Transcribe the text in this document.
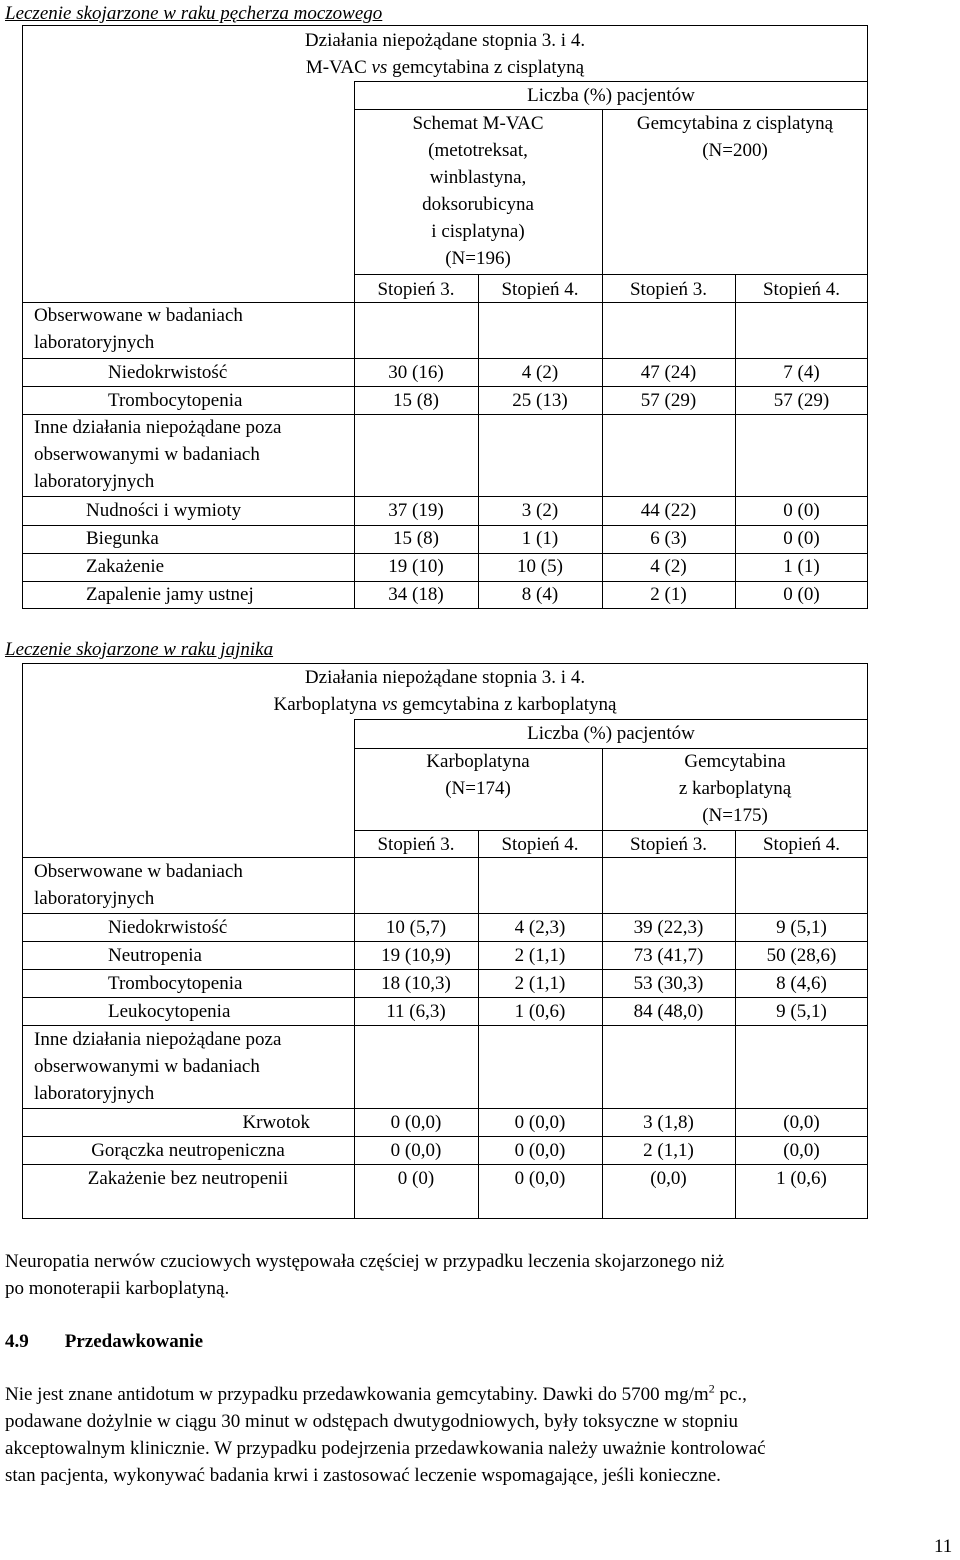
Leczenie skojarzone w raku pęcherza moczowego
Działania niepożądane stopnia 3. i 4.
M-VAC vs gemcytabina z cisplatyną
Liczba (%) pacjentów
Schemat M-VAC
(metotreksat,
winblastyna,
doksorubicyna
i cisplatyna)
(N=196)
Gemcytabina z cisplatyną
(N=200)
Stopień 3.	Stopień 4.	Stopień 3.	Stopień 4.
Obserwowane w badaniach
laboratoryjnych
Niedokrwistość	30 (16)	4 (2)	47 (24)	7 (4)
Trombocytopenia	15 (8)	25 (13)	57 (29)	57 (29)
Inne działania niepożądane poza
obserwowanymi w badaniach
laboratoryjnych
Nudności i wymioty	37 (19)	3 (2)	44 (22)	0 (0)
Biegunka	15 (8)	1 (1)	6 (3)	0 (0)
Zakażenie	19 (10)	10 (5)	4 (2)	1 (1)
Zapalenie jamy ustnej	34 (18)	8 (4)	2 (1)	0 (0)
Leczenie skojarzone w raku jajnika
Działania niepożądane stopnia 3. i 4.
Karboplatyna vs gemcytabina z karboplatyną
Liczba (%) pacjentów
Karboplatyna
(N=174)
Gemcytabina
z karboplatyną
(N=175)
Stopień 3.	Stopień 4.	Stopień 3.	Stopień 4.
Obserwowane w badaniach
laboratoryjnych
Niedokrwistość	10 (5,7)	4 (2,3)	39 (22,3)	9 (5,1)
Neutropenia	19 (10,9)	2 (1,1)	73 (41,7)	50 (28,6)
Trombocytopenia	18 (10,3)	2 (1,1)	53 (30,3)	8 (4,6)
Leukocytopenia	11 (6,3)	1 (0,6)	84 (48,0)	9 (5,1)
Inne działania niepożądane poza
obserwowanymi w badaniach
laboratoryjnych
Krwotok	0 (0,0)	0 (0,0)	3 (1,8)	(0,0)
Gorączka neutropeniczna	0 (0,0)	0 (0,0)	2 (1,1)	(0,0)
Zakażenie bez neutropenii	0 (0)	0 (0,0)	(0,0)	1 (0,6)
Neuropatia nerwów czuciowych występowała częściej w przypadku leczenia skojarzonego niż
po monoterapii karboplatyną.
4.9 Przedawkowanie
Nie jest znane antidotum w przypadku przedawkowania gemcytabiny. Dawki do 5700 $mg/m^2$ pc.,
podawane dożylnie w ciągu 30 minut w odstępach dwutygodniowych, były toksyczne w stopniu
akceptowalnym klinicznie. W przypadku podejrzenia przedawkowania należy uważnie kontrolować
stan pacjenta, wykonywać badania krwi i zastosować leczenie wspomagające, jeśli konieczne.
11
